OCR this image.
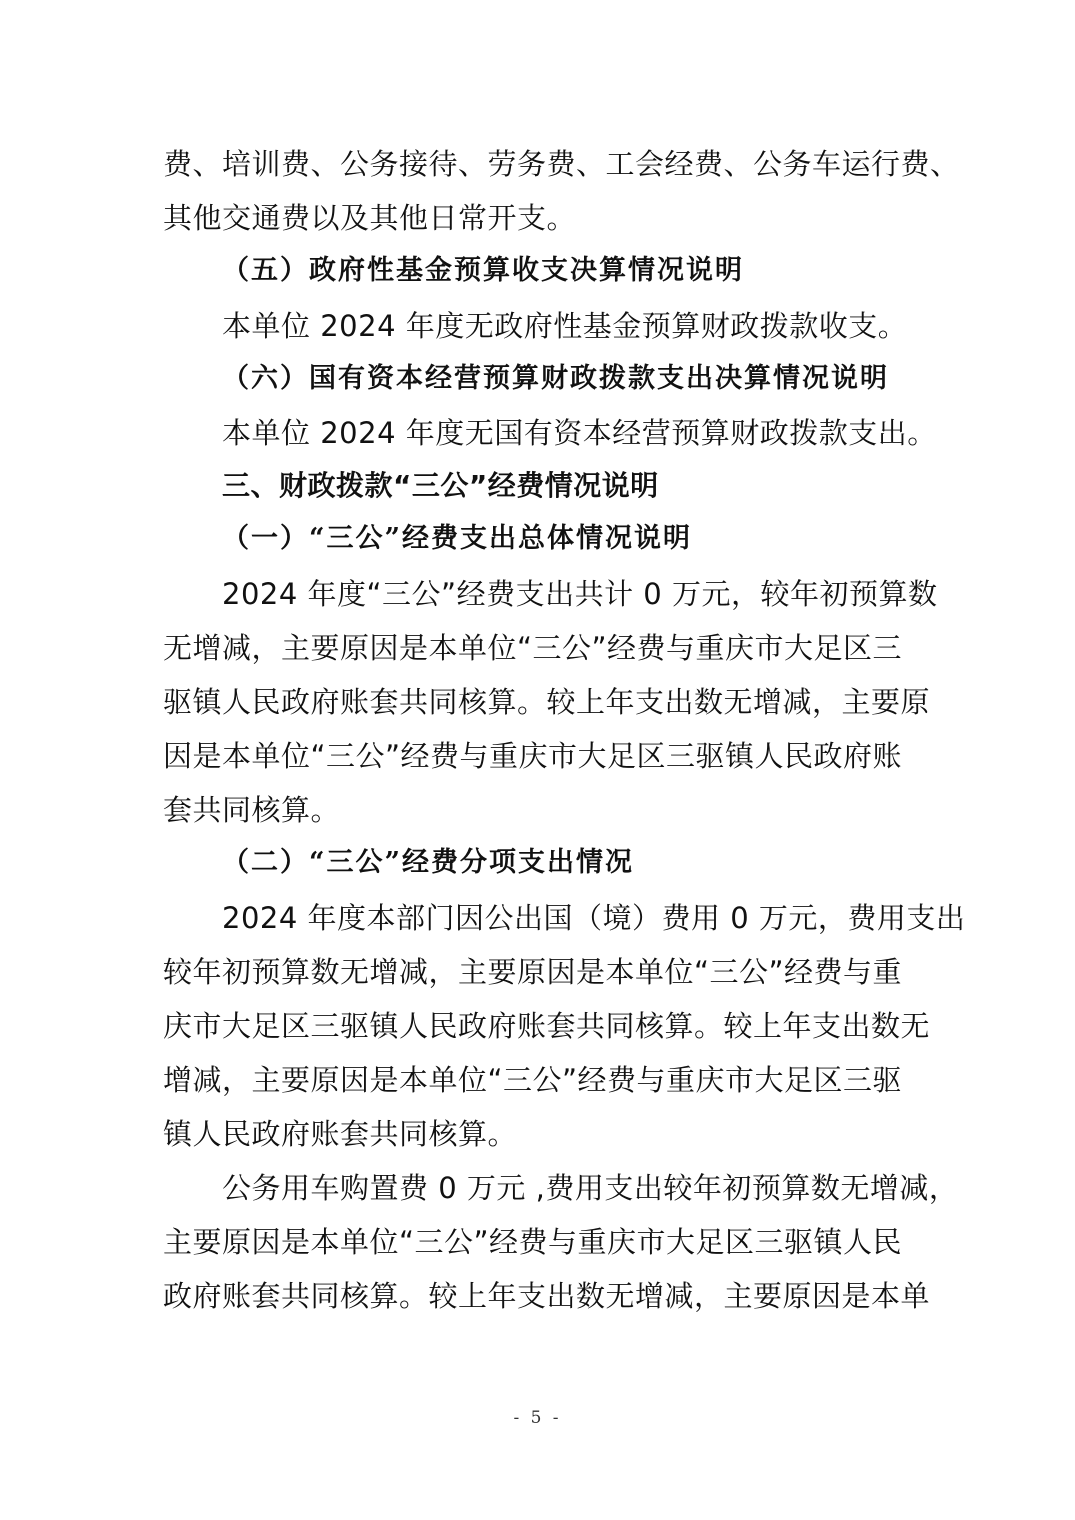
费、培训费、公务接待、劳务费、工会经费、公务车运行费、
其他交通费以及其他日常开支。
（五）政府性基金预算收支决算情况说明
本单位 2024 年度无政府性基金预算财政拨款收支。
（六）国有资本经营预算财政拨款支出决算情况说明
本单位 2024 年度无国有资本经营预算财政拨款支出。
三、财政拨款“三公”经费情况说明
（一）“三公”经费支出总体情况说明
2024 年度“三公”经费支出共计 0 万元，较年初预算数
无增减，主要原因是本单位“三公”经费与重庆市大足区三
驱镇人民政府账套共同核算。较上年支出数无增减，主要原
因是本单位“三公”经费与重庆市大足区三驱镇人民政府账
套共同核算。
（二）“三公”经费分项支出情况
2024 年度本部门因公出国（境）费用 0 万元，费用支出
较年初预算数无增减，主要原因是本单位“三公”经费与重
庆市大足区三驱镇人民政府账套共同核算。较上年支出数无
增减，主要原因是本单位“三公”经费与重庆市大足区三驱
镇人民政府账套共同核算。
公务用车购置费 0 万元 ,费用支出较年初预算数无增减，
主要原因是本单位“三公”经费与重庆市大足区三驱镇人民
政府账套共同核算。较上年支出数无增减，主要原因是本单
- 5 -
